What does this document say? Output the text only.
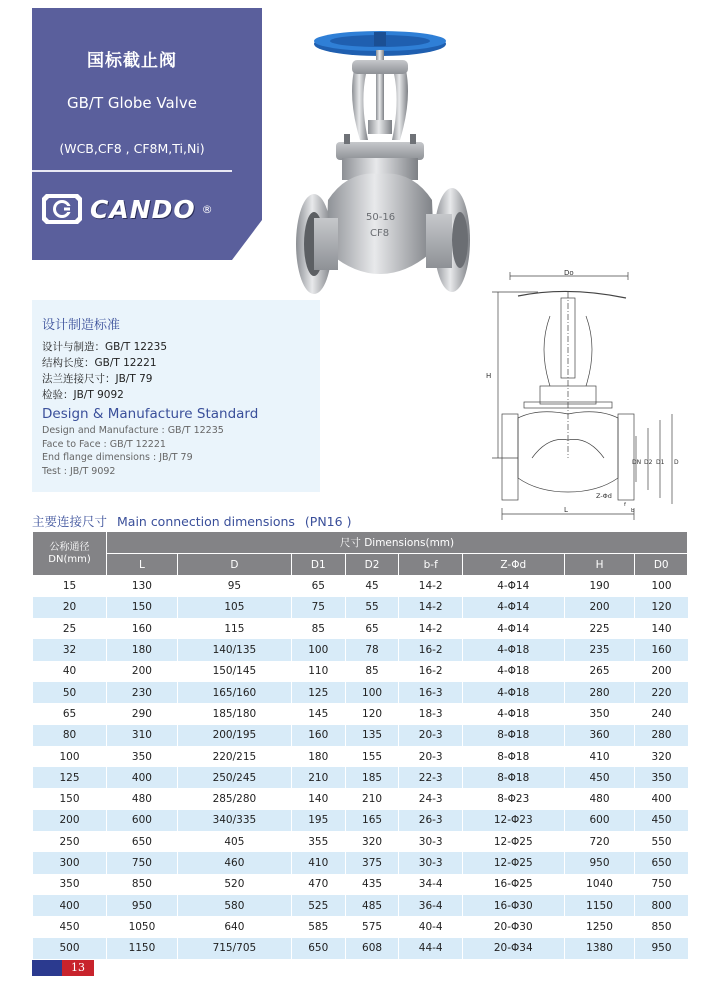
国标截止阀
GB/T Globe Valve
(WCB,CF8 , CF8M,Ti,Ni)
CANDO ®
50-16
CF8
Do
H
DN D2 D1 D
Z-Φd
L
f
b
设计制造标准
设计与制造：GB/T 12235
结构长度：GB/T 12221
法兰连接尺寸：JB/T 79
检验：JB/T 9092
Design & Manufacture Standard
Design and Manufacture : GB/T 12235
Face to Face : GB/T 12221
End flange dimensions : JB/T 79
Test : JB/T 9092
主要连接尺寸 Main connection dimensions (PN16 )
公称通径 DN(mm)	尺寸 Dimensions(mm)							
	L	D	D1	D2	b-f	Z-Φd	H	D0
15	130	95	65	45	14-2	4-Φ14	190	100
20	150	105	75	55	14-2	4-Φ14	200	120
25	160	115	85	65	14-2	4-Φ14	225	140
32	180	140/135	100	78	16-2	4-Φ18	235	160
40	200	150/145	110	85	16-2	4-Φ18	265	200
50	230	165/160	125	100	16-3	4-Φ18	280	220
65	290	185/180	145	120	18-3	4-Φ18	350	240
80	310	200/195	160	135	20-3	8-Φ18	360	280
100	350	220/215	180	155	20-3	8-Φ18	410	320
125	400	250/245	210	185	22-3	8-Φ18	450	350
150	480	285/280	140	210	24-3	8-Φ23	480	400
200	600	340/335	195	165	26-3	12-Φ23	600	450
250	650	405	355	320	30-3	12-Φ25	720	550
300	750	460	410	375	30-3	12-Φ25	950	650
350	850	520	470	435	34-4	16-Φ25	1040	750
400	950	580	525	485	36-4	16-Φ30	1150	800
450	1050	640	585	575	40-4	20-Φ30	1250	850
500	1150	715/705	650	608	44-4	20-Φ34	1380	950
13
